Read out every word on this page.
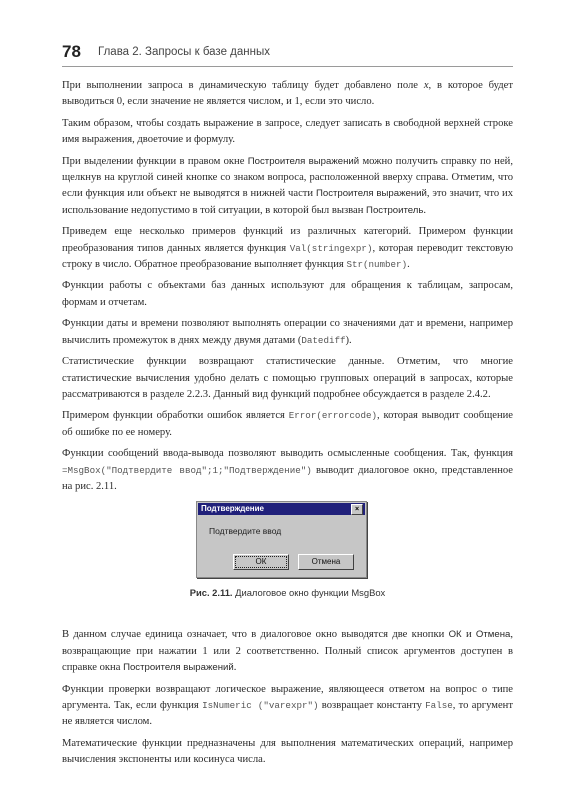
78 Глава 2. Запросы к базе данных

При выполнении запроса в динамическую таблицу будет добавлено поле x, в которое будет выводиться 0, если значение не является числом, и 1, если это число.

Таким образом, чтобы создать выражение в запросе, следует записать в свободной верхней строке имя выражения, двоеточие и формулу.

При выделении функции в правом окне Построителя выражений можно получить справку по ней, щелкнув на круглой синей кнопке со знаком вопроса, расположенной вверху справа. Отметим, что если функция или объект не выводятся в нижней части Построителя выражений, это значит, что их использование недопустимо в той ситуации, в которой был вызван Построитель.

Приведем еще несколько примеров функций из различных категорий. Примером функции преобразования типов данных является функция Val(stringexpr), которая переводит текстовую строку в число. Обратное преобразование выполняет функция Str(number).

Функции работы с объектами баз данных используют для обращения к таблицам, запросам, формам и отчетам.

Функции даты и времени позволяют выполнять операции со значениями дат и времени, например вычислить промежуток в днях между двумя датами (Datediff).

Статистические функции возвращают статистические данные. Отметим, что многие статистические вычисления удобно делать с помощью групповых операций в запросах, которые рассматриваются в разделе 2.2.3. Данный вид функций подробнее обсуждается в разделе 2.4.2.

Примером функции обработки ошибок является Error(errorcode), которая выводит сообщение об ошибке по ее номеру.

Функции сообщений ввода-вывода позволяют выводить осмысленные сообщения. Так, функция =MsgBox("Подтвердите ввод";1;"Подтверждение") выводит диалоговое окно, представленное на рис. 2.11.

Подтверждение	×
Подтвердите ввод
ОК	Отмена
Рис. 2.11. Диалоговое окно функции MsgBox

В данном случае единица означает, что в диалоговое окно выводятся две кнопки ОК и Отмена, возвращающие при нажатии 1 или 2 соответственно. Полный список аргументов доступен в справке окна Построителя выражений.

Функции проверки возвращают логическое выражение, являющееся ответом на вопрос о типе аргумента. Так, если функция IsNumeric ("varexpr") возвращает константу False, то аргумент не является числом.

Математические функции предназначены для выполнения математических операций, например вычисления экспоненты или косинуса числа.
